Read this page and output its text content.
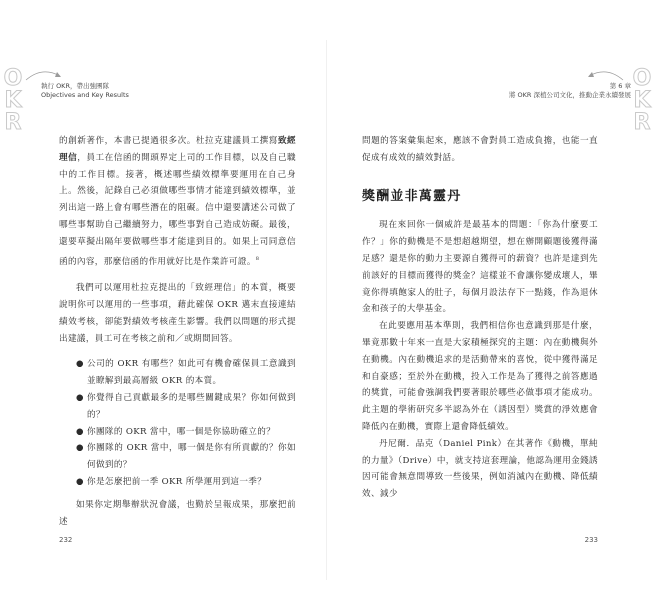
O
K
R
執行 OKR，帶出強團隊
Objectives and Key Results

的創新著作，本書已提過很多次。杜拉克建議員工撰寫致經理信，員工在信函的開頭界定上司的工作目標，以及自己職中的工作目標。接著，概述哪些績效標準要運用在自己身上。然後，記錄自己必須做哪些事情才能達到績效標準，並列出這一路上會有哪些潛在的阻礙。信中還要講述公司做了哪些事幫助自己繼續努力，哪些事對自己造成妨礙。最後，還要草擬出隔年要做哪些事才能達到目的。如果上司同意信函的內容，那麼信函的作用就好比是作業許可證。$^8$

我們可以運用杜拉克提出的「致經理信」的本質，概要說明你可以運用的一些事項，藉此確保 OKR 邁末直接連結績效考核，卻能對績效考核產生影響。我們以問題的形式提出建議，員工可在考核之前和／或期間回答。

● 公司的 OKR 有哪些？如此可有機會確保員工意識到並瞭解到最高層級 OKR 的本質。
● 你覺得自己貢獻最多的是哪些關鍵成果？你如何做到的？
● 你團隊的 OKR 當中，哪一個是你協助確立的？
● 你團隊的 OKR 當中，哪一個是你有所貢獻的？你如何做到的？
● 你是怎麼把前一季 OKR 所學運用到這一季？

如果你定期舉辦狀況會議，也勤於呈報成果，那麼把前述

232
O
K
R
第 6 章
將 OKR 深植公司文化，推動企業永續發展

問題的答案彙集起來，應該不會對員工造成負擔，也能一直促成有成效的績效對話。

獎酬並非萬靈丹

現在來回你一個威許是最基本的問題：「你為什麼要工作？」你的動機是不是想超越期望，想在辦開顧題後獲得滿足感？還是你的動力主要源自獲得可的薪資？也許是達到先前該好的目標而獲得的獎金？這樣並不會讓你變成壞人，畢竟你得填飽家人的肚子，每個月設法存下一點錢，作為退休金和孩子的大學基金。

在此要應用基本準則，我們相信你也意識到那是什麼，畢竟那數十年來一直是大家積極探究的主題：內在動機與外在動機。內在動機追求的是活動帶來的喜悅，從中獲得滿足和自豪感；至於外在動機，投入工作是為了獲得之前答應過的獎賞，可能會強調我們要著眼於哪些必做事項才能成功。此主題的學術研究多半認為外在（誘因型）獎賞的淨效應會降低內在動機，實際上還會降低績效。

丹尼爾．品克（Daniel Pink）在其著作《動機，單純的力量》（Drive）中，就支持這套理論，他認為運用金錢誘因可能會無意間導致一些後果，例如消滅內在動機、降低績效、減少

233
